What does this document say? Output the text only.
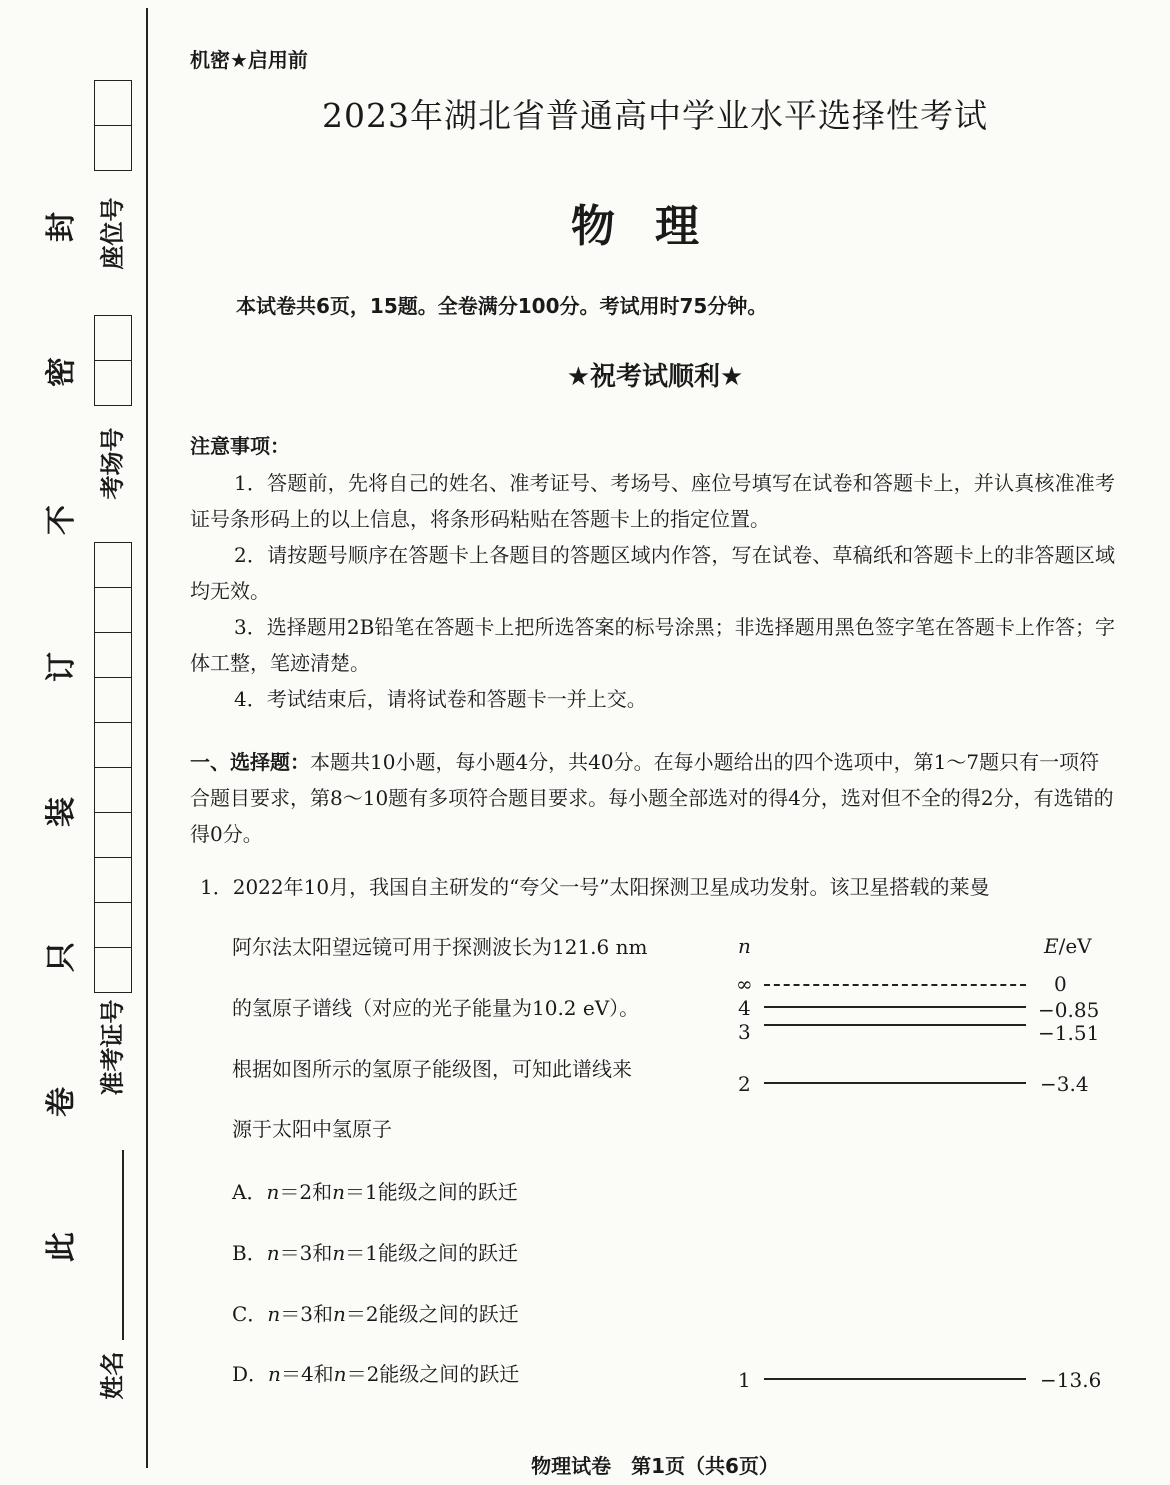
封
密
不
订
装
只
卷
此
座位号
考场号
准考证号
姓名
机密★启用前
2023年湖北省普通高中学业水平选择性考试
物理
本试卷共6页，15题。全卷满分100分。考试用时75分钟。
★祝考试顺利★
注意事项：
1．答题前，先将自己的姓名、准考证号、考场号、座位号填写在试卷和答题卡上，并认真核准准考证号条形码上的以上信息，将条形码粘贴在答题卡上的指定位置。
2．请按题号顺序在答题卡上各题目的答题区域内作答，写在试卷、草稿纸和答题卡上的非答题区域均无效。
3．选择题用2B铅笔在答题卡上把所选答案的标号涂黑；非选择题用黑色签字笔在答题卡上作答；字体工整，笔迹清楚。
4．考试结束后，请将试卷和答题卡一并上交。
一、选择题：本题共10小题，每小题4分，共40分。在每小题给出的四个选项中，第1～7题只有一项符合题目要求，第8～10题有多项符合题目要求。每小题全部选对的得4分，选对但不全的得2分，有选错的得0分。
1．2022年10月，我国自主研发的“夸父一号”太阳探测卫星成功发射。该卫星搭载的莱曼
阿尔法太阳望远镜可用于探测波长为121.6 nm
的氢原子谱线（对应的光子能量为10.2 eV）。
根据如图所示的氢原子能级图，可知此谱线来
源于太阳中氢原子
A．n＝2和n＝1能级之间的跃迁
B．n＝3和n＝1能级之间的跃迁
C．n＝3和n＝2能级之间的跃迁
D．n＝4和n＝2能级之间的跃迁
n	E/eV
∞	0
4	−0.85
3	−1.51
2	−3.4
1	−13.6
物理试卷　第1页（共6页）
